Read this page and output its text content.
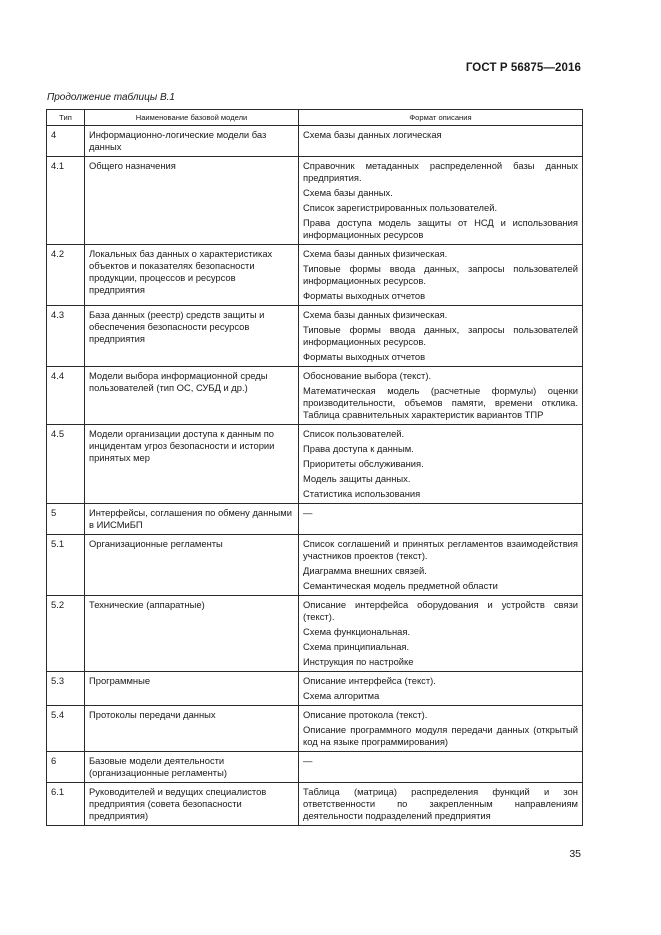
ГОСТ Р 56875—2016
Продолжение таблицы В.1
Тип	Наименование базовой модели	Формат описания
4	Информационно-логические модели баз данных	Схема базы данных логическая

4.1	Общего назначения	Справочник метаданных распределенной базы данных предприятия.

Схема базы данных.

Список зарегистрированных пользователей.

Права доступа модель защиты от НСД и использования информационных ресурсов

4.2	Локальных баз данных о характеристиках объектов и показателях безопасности продукции, процессов и ресурсов предприятия	Схема базы данных физическая.

Типовые формы ввода данных, запросы пользователей информационных ресурсов.

Форматы выходных отчетов

4.3	База данных (реестр) средств защиты и обеспечения безопасности ресурсов предприятия	Схема базы данных физическая.

Типовые формы ввода данных, запросы пользователей информационных ресурсов.

Форматы выходных отчетов

4.4	Модели выбора информационной среды пользователей (тип ОС, СУБД и др.)	Обоснование выбора (текст).

Математическая модель (расчетные формулы) оценки производительности, объемов памяти, времени отклика. Таблица сравнительных характеристик вариантов ТПР

4.5	Модели организации доступа к данным по инцидентам угроз безопасности и истории принятых мер	Список пользователей.

Права доступа к данным.

Приоритеты обслуживания.

Модель защиты данных.

Статистика использования

5	Интерфейсы, соглашения по обмену данными в ИИСМиБП	—

5.1	Организационные регламенты	Список соглашений и принятых регламентов взаимодействия участников проектов (текст).

Диаграмма внешних связей.

Семантическая модель предметной области

5.2	Технические (аппаратные)	Описание интерфейса оборудования и устройств связи (текст).

Схема функциональная.

Схема принципиальная.

Инструкция по настройке

5.3	Программные	Описание интерфейса (текст).

Схема алгоритма

5.4	Протоколы передачи данных	Описание протокола (текст).

Описание программного модуля передачи данных (открытый код на языке программирования)

6	Базовые модели деятельности (организационные регламенты)	—

6.1	Руководителей и ведущих специалистов предприятия (совета безопасности предприятия)	Таблица (матрица) распределения функций и зон ответственности по закрепленным направлениям деятельности подразделений предприятия

35
